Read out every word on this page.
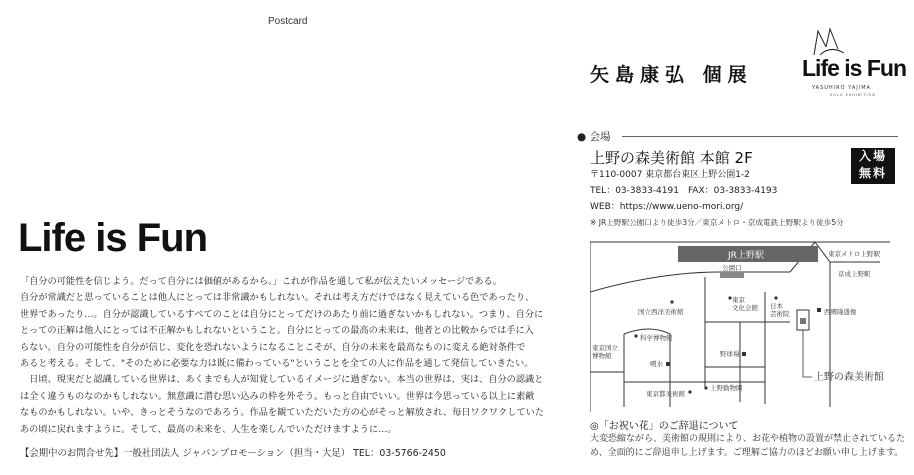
Postcard
Life is Fun

「自分の可能性を信じよう。だって自分には価値があるから。」これが作品を通して私が伝えたいメッセージである。

自分が常識だと思っていることは他人にとっては非常識かもしれない。それは考え方だけではなく見えている色であったり、

世界であったり…。自分が認識しているすべてのことは自分にとってだけのあたり前に過ぎないかもしれない。つまり、自分に

とっての正解は他人にとっては不正解かもしれないということ。自分にとっての最高の未来は、他者との比較からでは手に入

らない。自分の可能性を自分が信じ、変化を恐れないようになることこそが、自分の未来を最高なものに変える絶対条件で

あると考える。そして、"そのために必要な力は既に備わっている"ということを全ての人に作品を通して発信していきたい。

　日頃、現実だと認識している世界は、あくまでも人が知覚しているイメージに過ぎない。本当の世界は、実は、自分の認識と

は全く違うものなのかもしれない。無意識に潜む思い込みの枠を外そう。もっと自由でいい。世界は今思っている以上に素敵

なものかもしれない。いや、きっとそうなのであろう。作品を観ていただいた方の心がそっと解放され、毎日ワクワクしていた

あの頃に戻れますように。そして、最高の未来を、人生を楽しんでいただけますように…。

【会期中のお問合せ先】一般社団法人 ジャパンプロモーション（担当・大足） TEL：03-5766-2450
矢島康弘 個展 Life is Fun
YASUHIRO YAJIMA
SOLO EXHIBITION
● 会場
上野の森美術館 本館 2F
〒110-0007 東京都台東区上野公園1-2
TEL：03-3833-4191　FAX：03-3833-4193
WEB：https://www.ueno-mori.org/
入場
無料
※ JR上野駅公園口より徒歩3分／東京メトロ・京成電鉄上野駅より徒歩5分
JR上野駅
公園口
東京メトロ上野駅
京成上野駅
国立西洋美術館
東京文化会館 日本芸術院	西郷隆盛像
科学博物館
東京国立博物館
噴水
野球場
東京都美術館
上野動物園
上野の森美術館
◎「お祝い花」のご辞退について
大変恐縮ながら、美術館の規則により、お花や植物の設置が禁止されているため、全面的にご辞退申し上げます。ご理解ご協力のほどお願い申し上げます。
